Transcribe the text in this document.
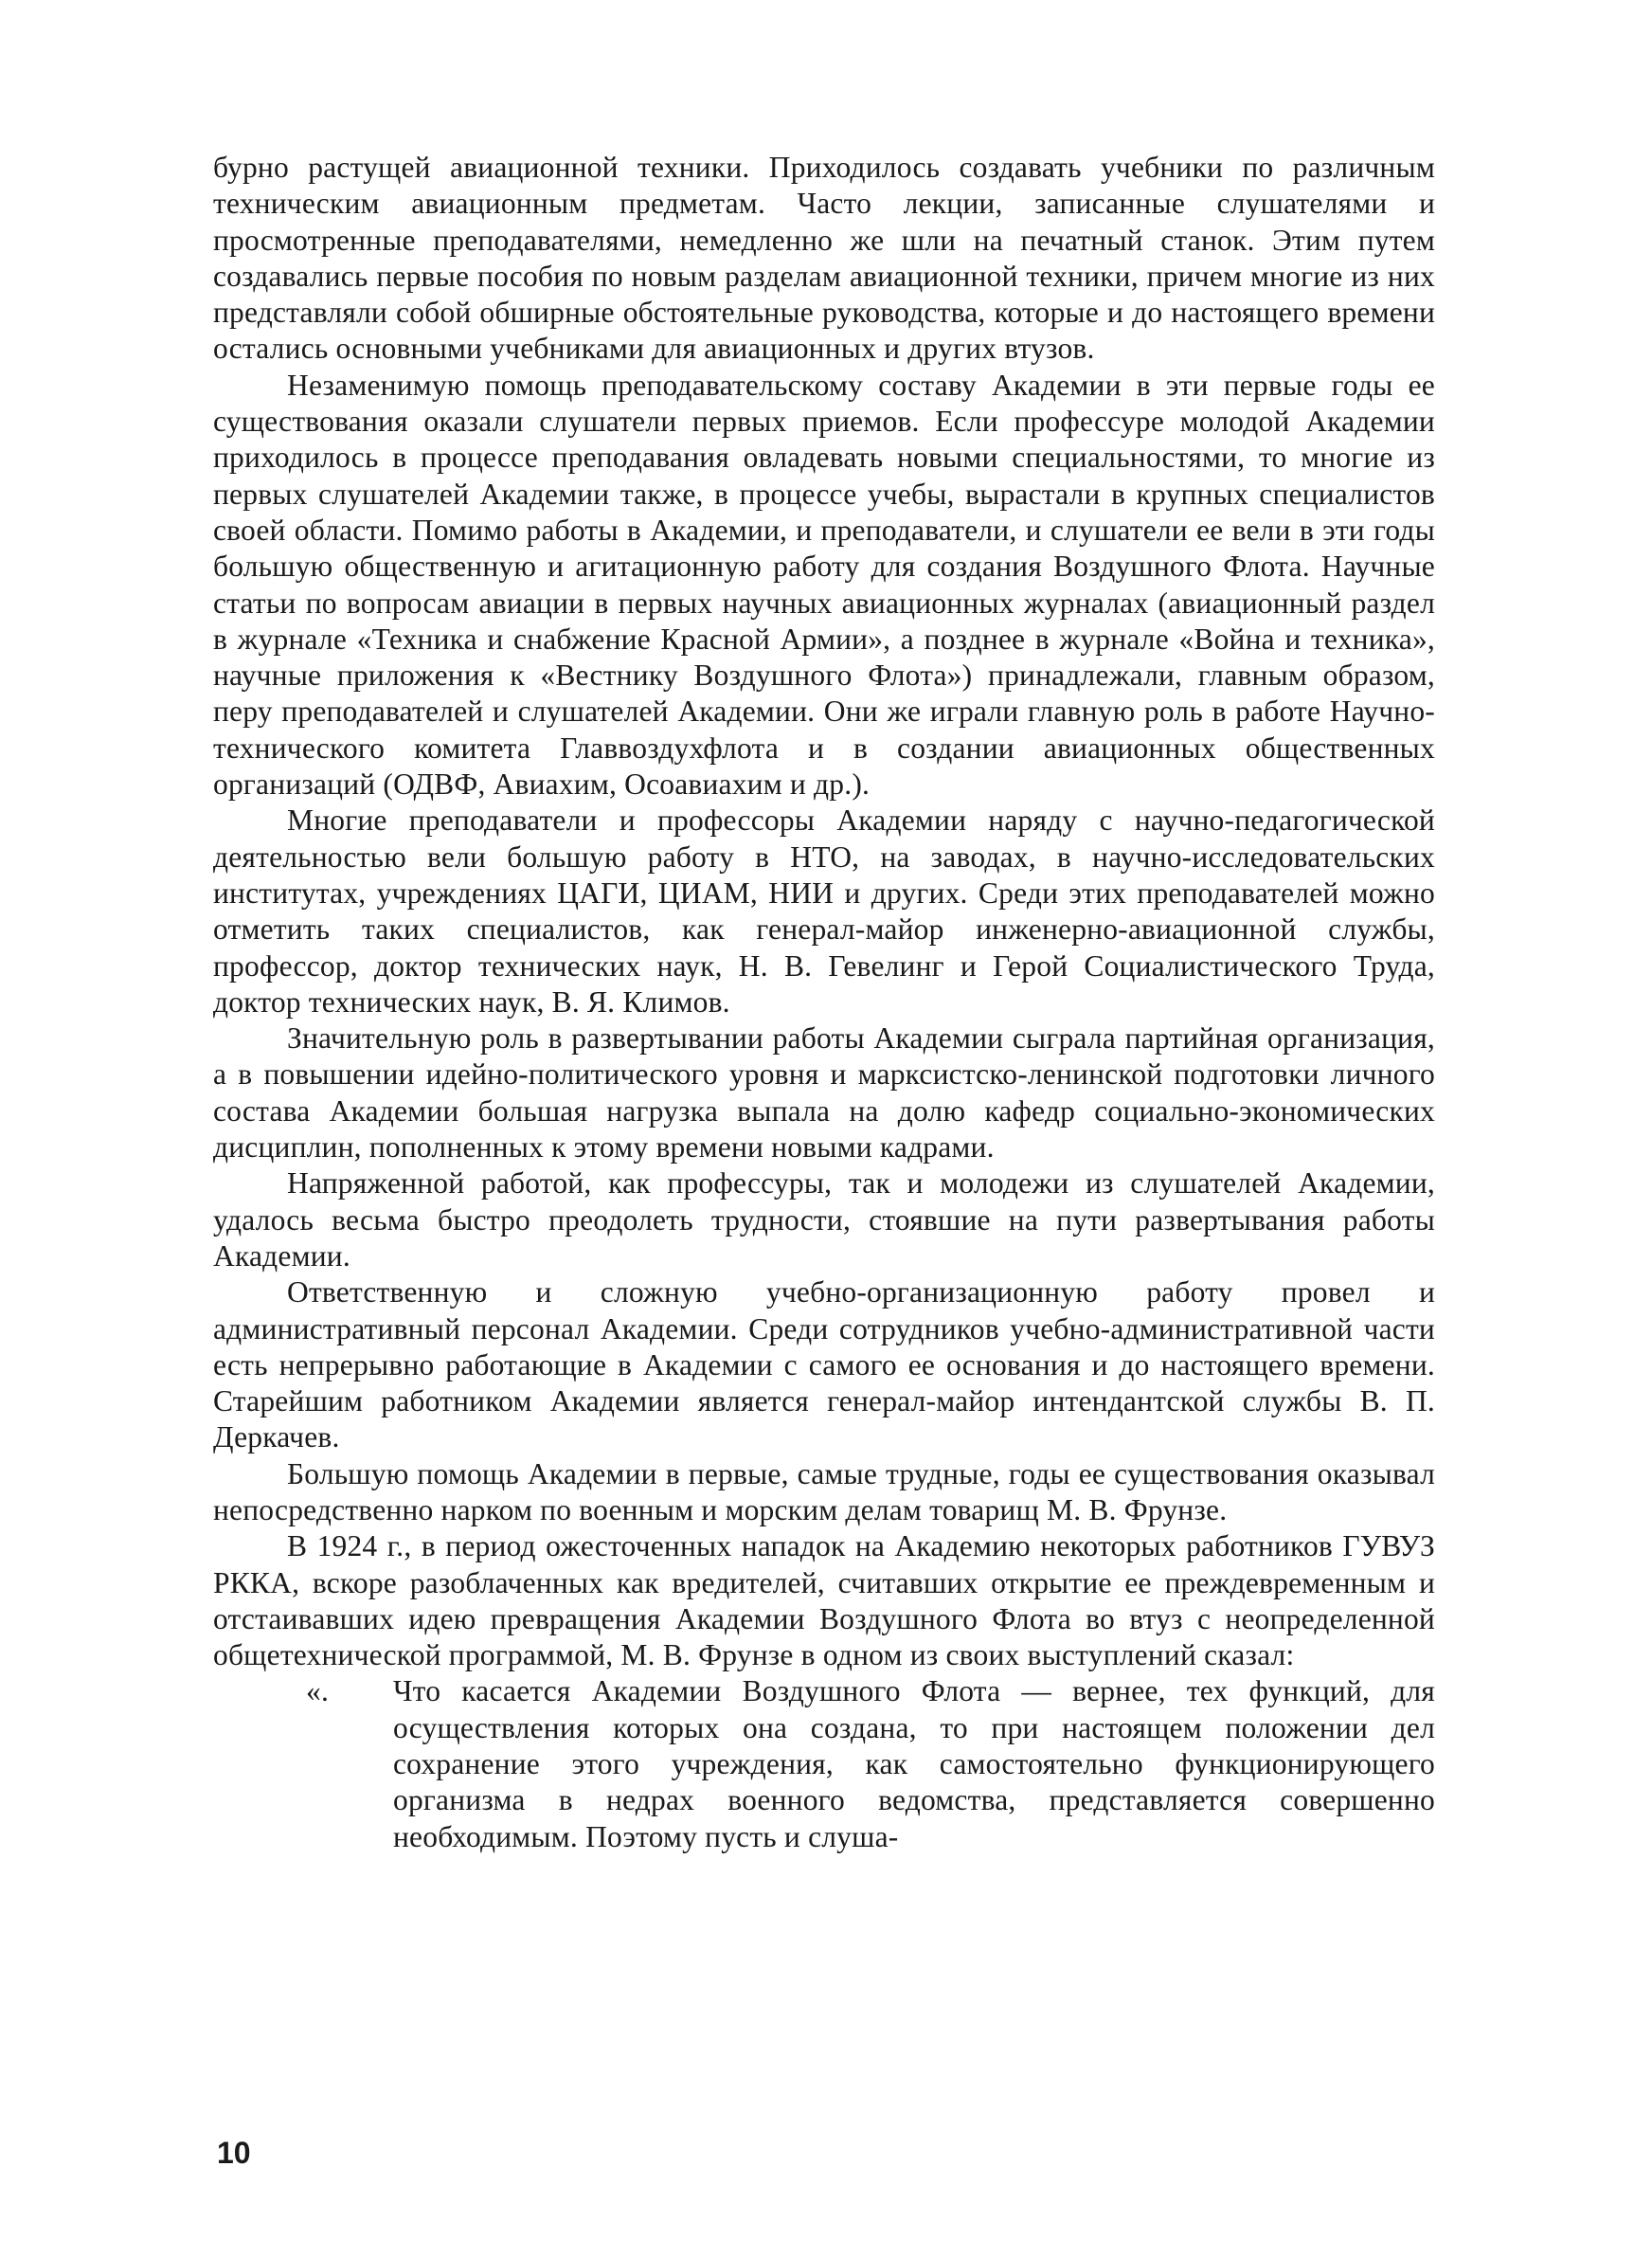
бурно растущей авиационной техники. Приходилось создавать учебники по различным техническим авиационным предметам. Часто лекции, записанные слушателями и просмотренные преподавателями, немедленно же шли на печатный станок. Этим путем создавались первые пособия по новым разделам авиационной техники, причем многие из них представляли собой обширные обстоятельные руководства, которые и до настоящего времени остались основными учебниками для авиационных и других втузов.

Незаменимую помощь преподавательскому составу Академии в эти первые годы ее существования оказали слушатели первых приемов. Если профессуре молодой Академии приходилось в процессе преподавания овладевать новыми специальностями, то многие из первых слушателей Академии также, в процессе учебы, вырастали в крупных специалистов своей области. Помимо работы в Академии, и преподаватели, и слушатели ее вели в эти годы большую общественную и агитационную работу для создания Воздушного Флота. Научные статьи по вопросам авиации в первых научных авиационных журналах (авиационный раздел в журнале «Техника и снабжение Красной Армии», а позднее в журнале «Война и техника», научные приложения к «Вестнику Воздушного Флота») принадлежали, главным образом, перу преподавателей и слушателей Академии. Они же играли главную роль в работе Научно-технического комитета Главвоздухфлота и в создании авиационных общественных организаций (ОДВФ, Авиахим, Осоавиахим и др.).

Многие преподаватели и профессоры Академии наряду с научно-педагогической деятельностью вели большую работу в НТО, на заводах, в научно-исследовательских институтах, учреждениях ЦАГИ, ЦИАМ, НИИ и других. Среди этих преподавателей можно отметить таких специалистов, как генерал-майор инженерно-авиационной службы, профессор, доктор технических наук, Н. В. Гевелинг и Герой Социалистического Труда, доктор технических наук, В. Я. Климов.

Значительную роль в развертывании работы Академии сыграла партийная организация, а в повышении идейно-политического уровня и марксистско-ленинской подготовки личного состава Академии большая нагрузка выпала на долю кафедр социально-экономических дисциплин, пополненных к этому времени новыми кадрами.

Напряженной работой, как профессуры, так и молодежи из слушателей Академии, удалось весьма быстро преодолеть трудности, стоявшие на пути развертывания работы Академии.

Ответственную и сложную учебно-организационную работу провел и административный персонал Академии. Среди сотрудников учебно-административной части есть непрерывно работающие в Академии с самого ее основания и до настоящего времени. Старейшим работником Академии является генерал-майор интендантской службы В. П. Деркачев.

Большую помощь Академии в первые, самые трудные, годы ее существования оказывал непосредственно нарком по военным и морским делам товарищ М. В. Фрунзе.

В 1924 г., в период ожесточенных нападок на Академию некоторых работников ГУВУЗ РККА, вскоре разоблаченных как вредителей, считавших открытие ее преждевременным и отстаивавших идею превращения Академии Воздушного Флота во втуз с неопределенной общетехнической программой, М. В. Фрунзе в одном из своих выступлений сказал:

«. Что касается Академии Воздушного Флота — вернее, тех функций, для осуществления которых она создана, то при настоящем положении дел сохранение этого учреждения, как самостоятельно функционирующего организма в недрах военного ведомства, представляется совершенно необходимым. Поэтому пусть и слуша-

10
